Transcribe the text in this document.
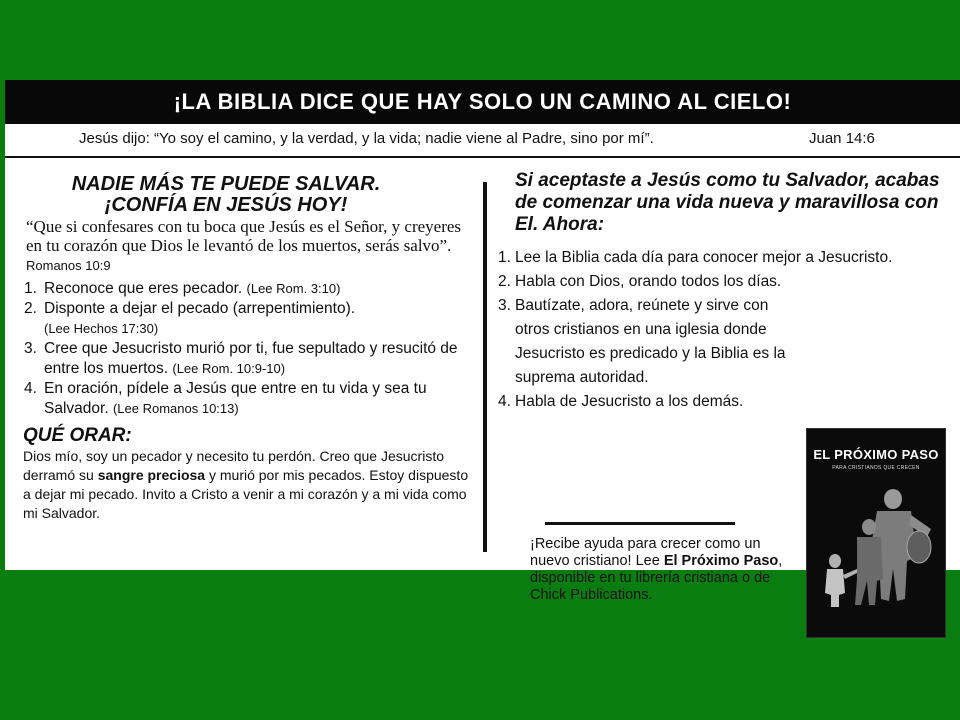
¡LA BIBLIA DICE QUE HAY SOLO UN CAMINO AL CIELO!
Jesús dijo: “Yo soy el camino, y la verdad, y la vida; nadie viene al Padre, sino por mí”.	Juan 14:6
NADIE MÁS TE PUEDE SALVAR.
¡CONFÍA EN JESÚS HOY!
“Que si confesares con tu boca que Jesús es el Señor, y creyeres en tu corazón que Dios le levantó de los muertos, serás salvo”. Romanos 10:9
1. Reconoce que eres pecador. (Lee Rom. 3:10)
2. Disponte a dejar el pecado (arrepentimiento).
(Lee Hechos 17:30)
3. Cree que Jesucristo murió por ti, fue sepultado y resucitó de entre los muertos. (Lee Rom. 10:9-10)
4. En oración, pídele a Jesús que entre en tu vida y sea tu Salvador. (Lee Romanos 10:13)
QUÉ ORAR:
Dios mío, soy un pecador y necesito tu perdón. Creo que Jesucristo derramó su sangre preciosa y murió por mis pecados. Estoy dispuesto a dejar mi pecado. Invito a Cristo a venir a mi corazón y a mi vida como mi Salvador.
Si aceptaste a Jesús como tu Salvador, acabas de comenzar una vida nueva y maravillosa con El. Ahora:
1. Lee la Biblia cada día para conocer mejor a Jesucristo.
2. Habla con Dios, orando todos los días.
3. Bautízate, adora, reúnete y sirve con otros cristianos en una iglesia donde Jesucristo es predicado y la Biblia es la suprema autoridad.
4. Habla de Jesucristo a los demás.
¡Recibe ayuda para crecer como un nuevo cristiano! Lee El Próximo Paso, disponible en tu librería cristiana o de Chick Publications.
EL PRÓXIMO PASO
PARA CRISTIANOS QUE CRECEN
